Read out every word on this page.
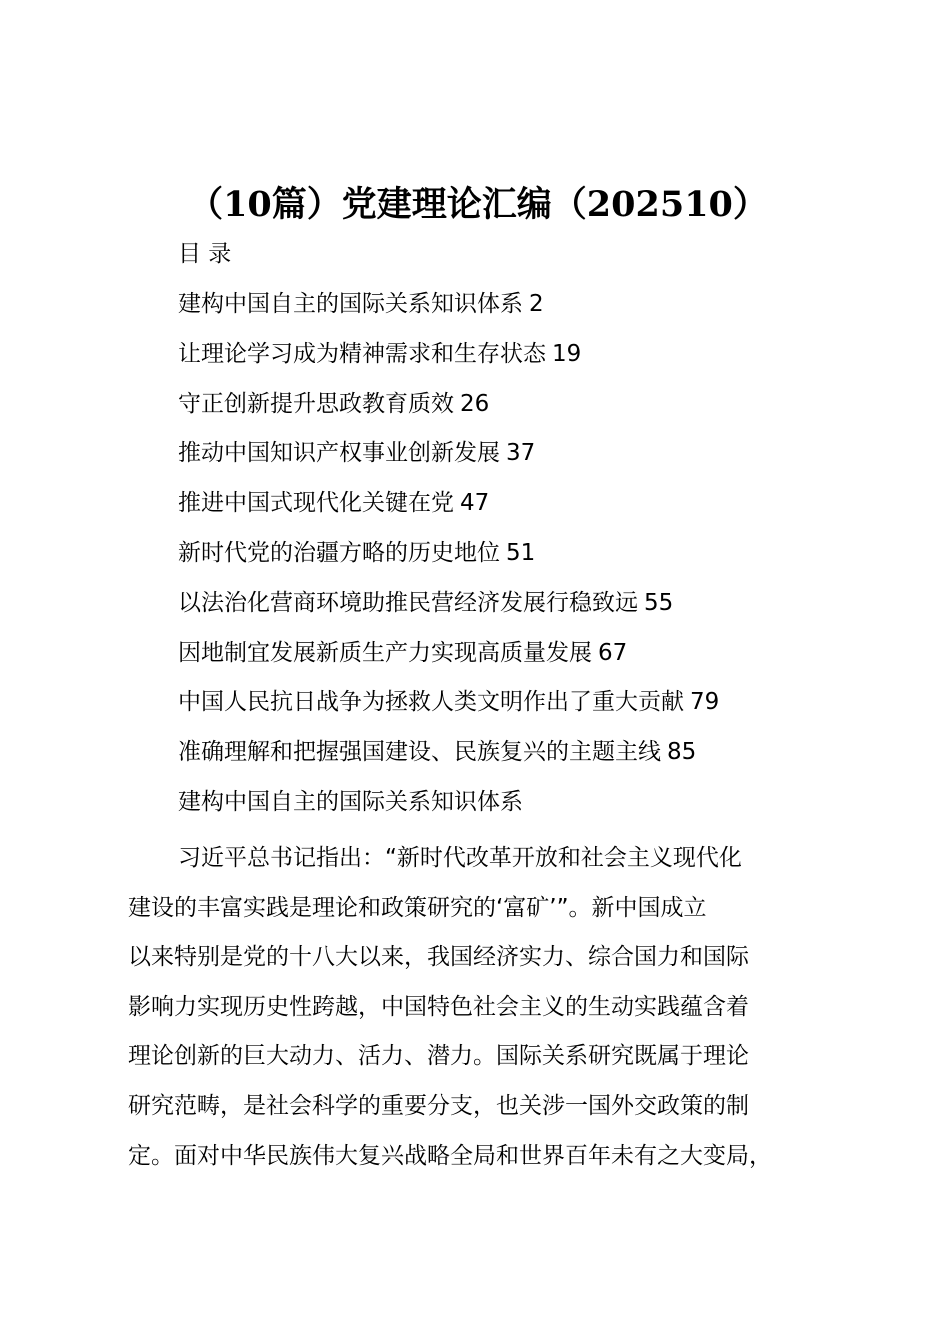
（10篇）党建理论汇编（202510）
目 录
建构中国自主的国际关系知识体系 2
让理论学习成为精神需求和生存状态 19
守正创新提升思政教育质效 26
推动中国知识产权事业创新发展 37
推进中国式现代化关键在党 47
新时代党的治疆方略的历史地位 51
以法治化营商环境助推民营经济发展行稳致远 55
因地制宜发展新质生产力实现高质量发展 67
中国人民抗日战争为拯救人类文明作出了重大贡献 79
准确理解和把握强国建设、民族复兴的主题主线 85
建构中国自主的国际关系知识体系

习近平总书记指出：“新时代改革开放和社会主义现代化
建设的丰富实践是理论和政策研究的‘富矿’”。新中国成立
以来特别是党的十八大以来，我国经济实力、综合国力和国际
影响力实现历史性跨越，中国特色社会主义的生动实践蕴含着
理论创新的巨大动力、活力、潜力。国际关系研究既属于理论
研究范畴，是社会科学的重要分支，也关涉一国外交政策的制
定。面对中华民族伟大复兴战略全局和世界百年未有之大变局，
